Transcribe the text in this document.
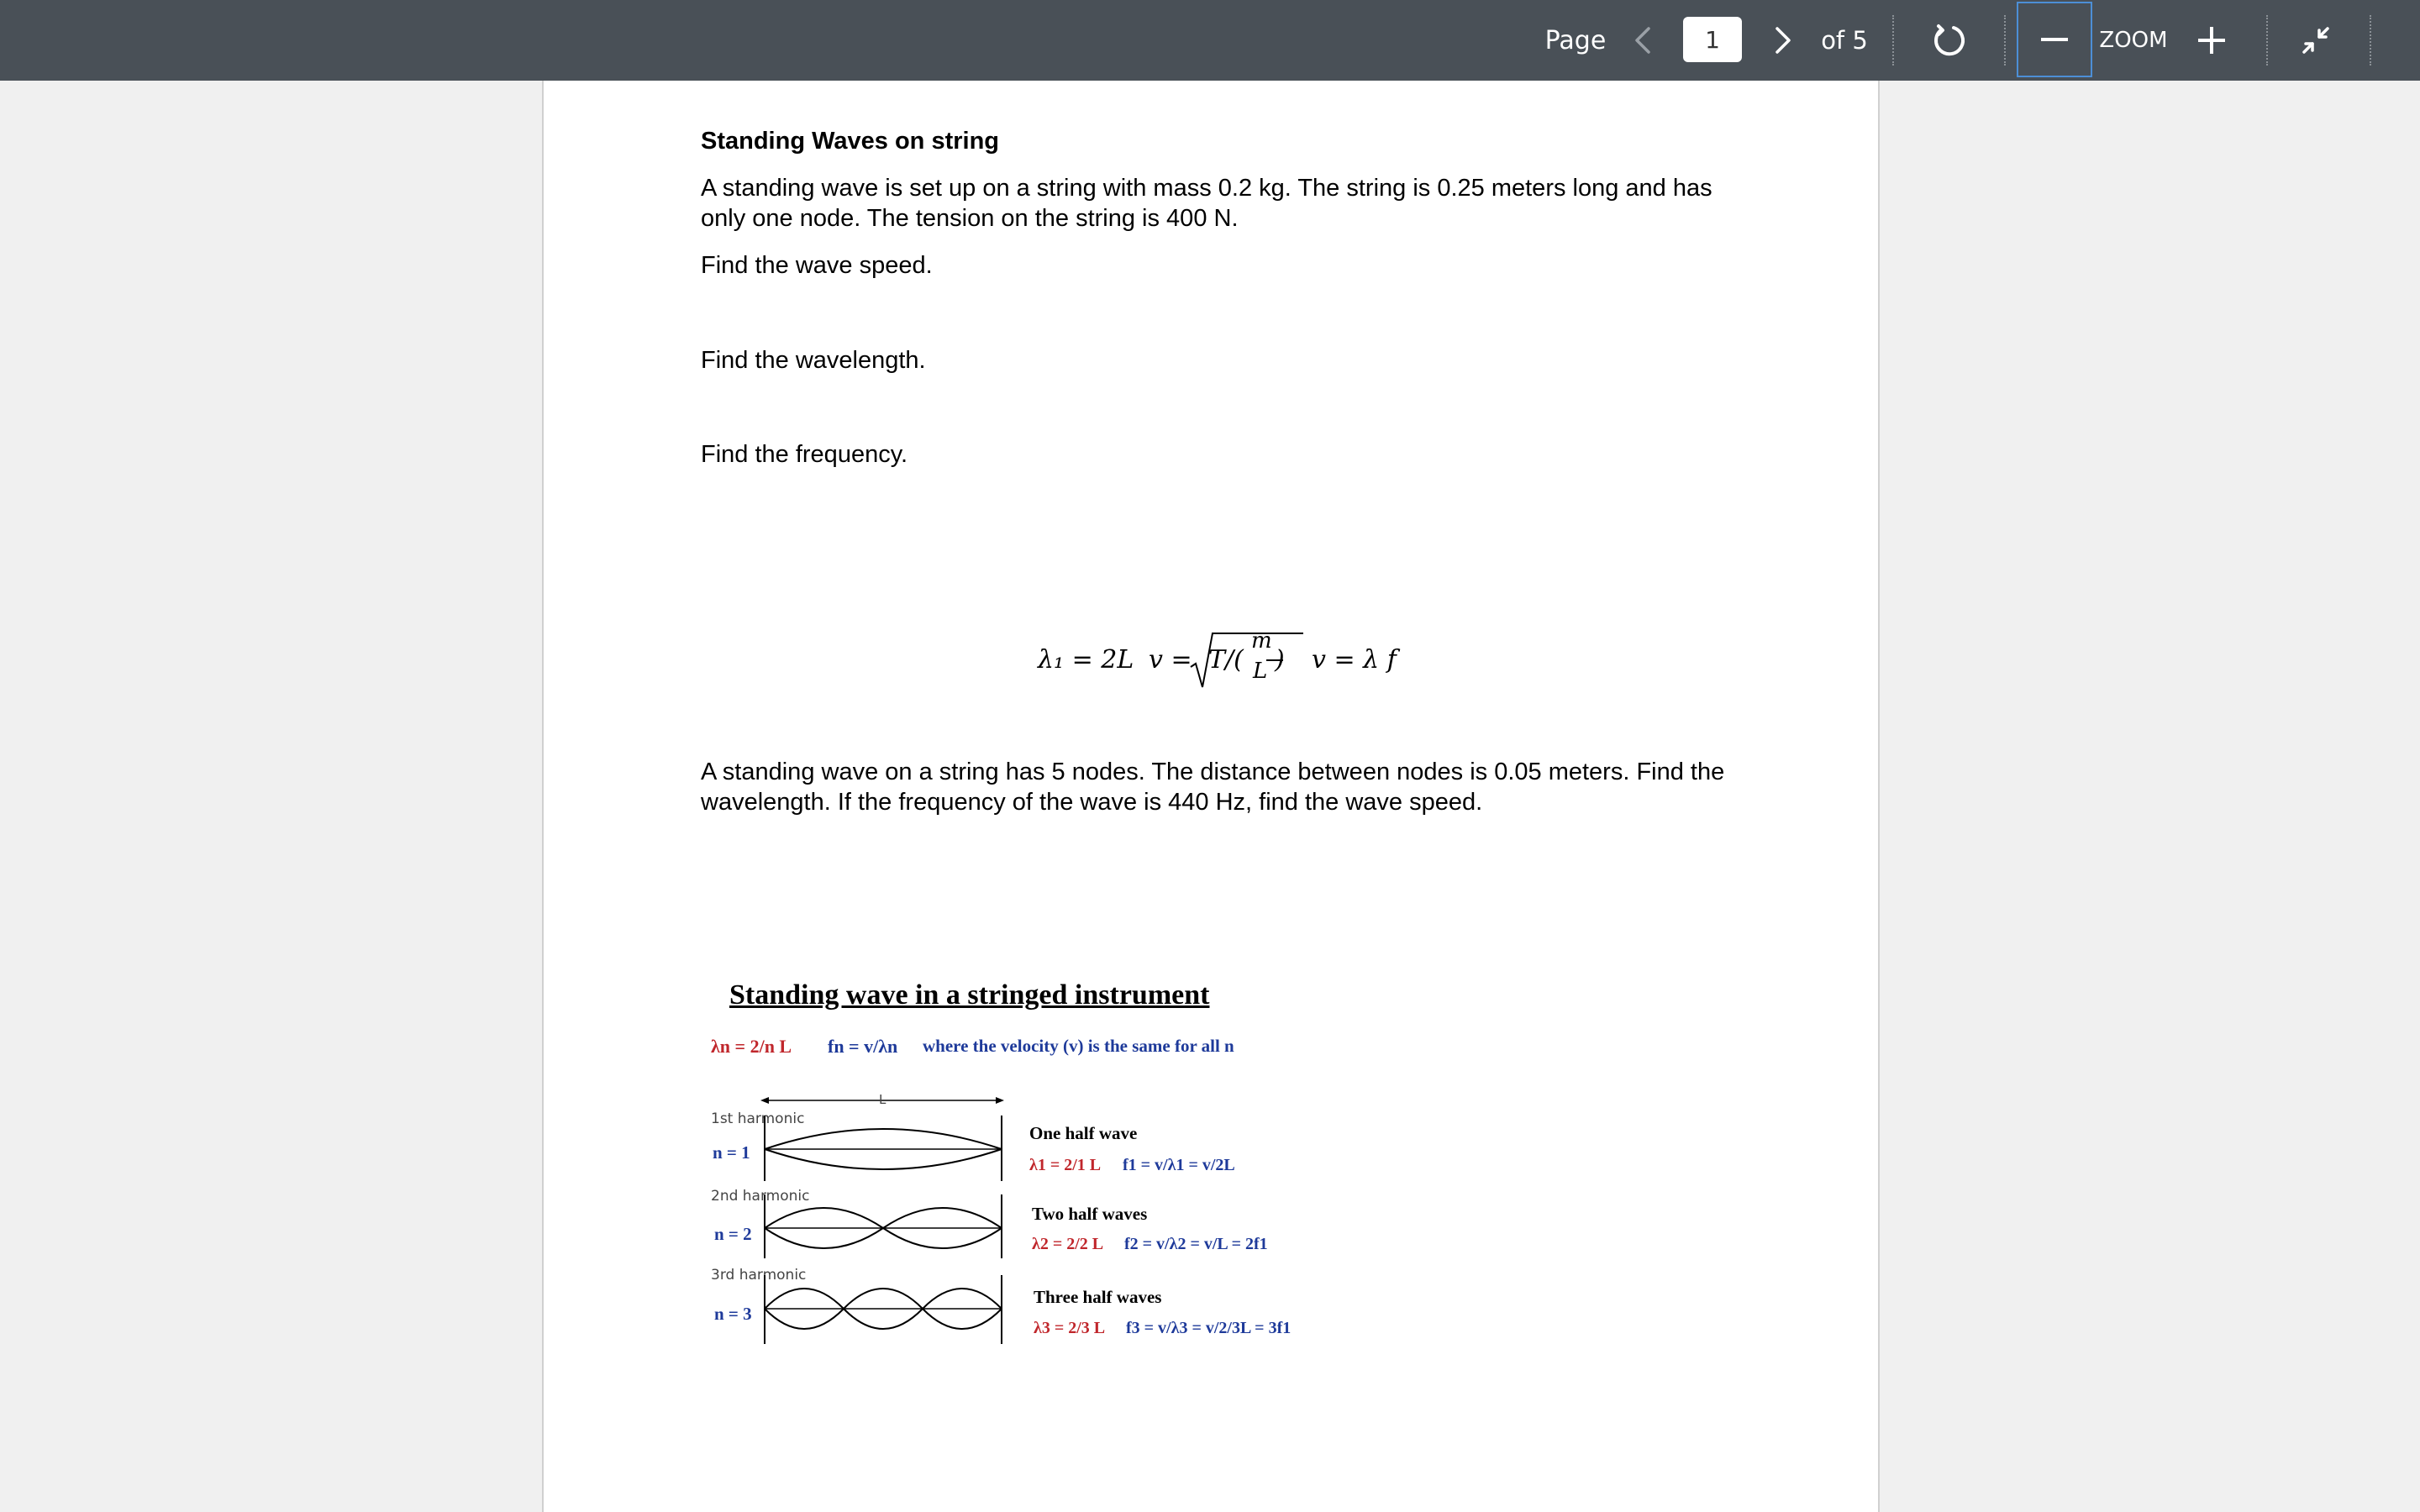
Page
1	of 5	ZOOM
Standing Waves on string
A standing wave is set up on a string with mass 0.2 kg. The string is 0.25 meters long and has
only one node. The tension on the string is 400 N.
Find the wave speed.
Find the wavelength.
Find the frequency.
λ₁ = 2L v = T/(
m
L ) v = λ f
A standing wave on a string has 5 nodes. The distance between nodes is 0.05 meters. Find the
wavelength. If the frequency of the wave is 440 Hz, find the wave speed.
Standing wave in a stringed instrument
λn = 2/n L fn = v/λn where the velocity (v) is the same for all n
L
1st harmonic
n = 1
2nd harmonic
n = 2
3rd harmonic
n = 3
One half wave
λ1 = 2/1 L f1 = v/λ1 = v/2L
Two half waves
λ2 = 2/2 L f2 = v/λ2 = v/L = 2f1
Three half waves
λ3 = 2/3 L f3 = v/λ3 = v/2/3L = 3f1
